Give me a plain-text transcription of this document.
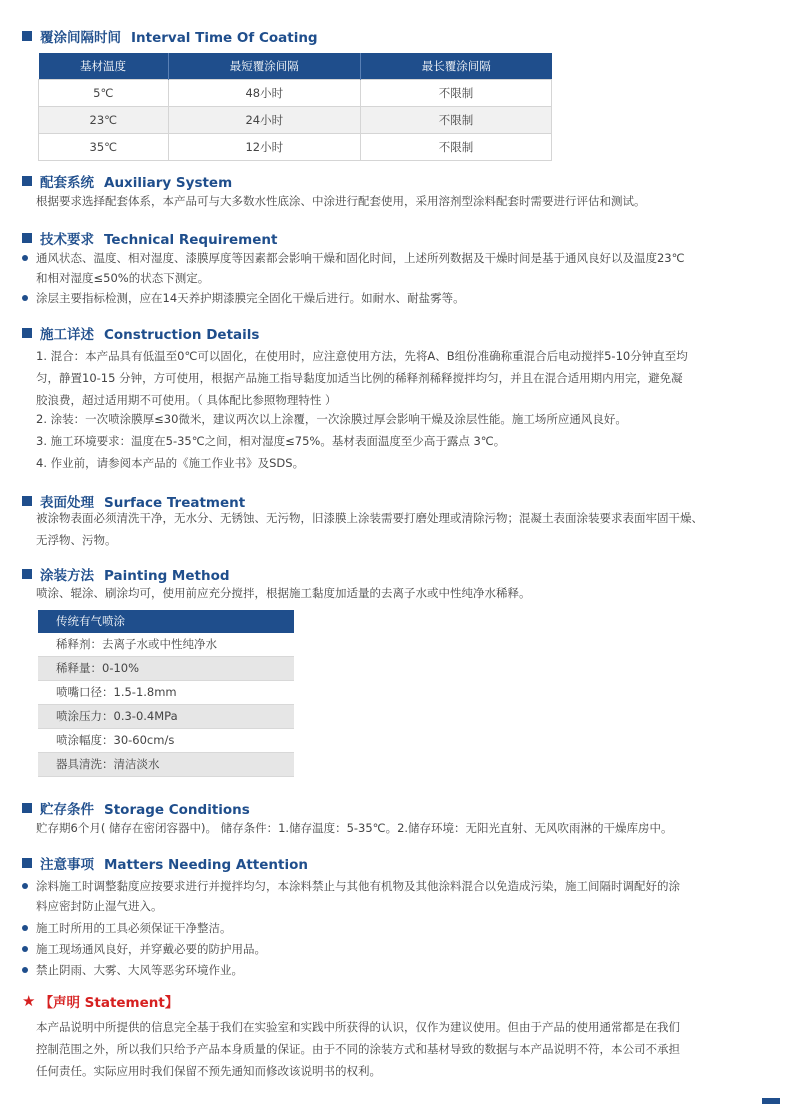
覆涂间隔时间 Interval Time Of Coating
基材温度	最短覆涂间隔	最长覆涂间隔
5℃	48小时	不限制
23℃	24小时	不限制
35℃	12小时	不限制
配套系统 Auxiliary System
根据要求选择配套体系，本产品可与大多数水性底涂、中涂进行配套使用，采用溶剂型涂料配套时需要进行评估和测试。
技术要求 Technical Requirement
通风状态、温度、相对湿度、漆膜厚度等因素都会影响干燥和固化时间，上述所列数据及干燥时间是基于通风良好以及温度23℃
和相对湿度≤50%的状态下测定。
涂层主要指标检测，应在14天养护期漆膜完全固化干燥后进行。如耐水、耐盐雾等。
施工详述 Construction Details
1. 混合：本产品具有低温至0℃可以固化，在使用时，应注意使用方法，先将A、B组份准确称重混合后电动搅拌5-10分钟直至均
匀，静置10-15 分钟，方可使用，根据产品施工指导黏度加适当比例的稀释剂稀释搅拌均匀，并且在混合适用期内用完，避免凝
胶浪费，超过适用期不可使用。（ 具体配比参照物理特性 ）
2. 涂装：一次喷涂膜厚≤30微米，建议两次以上涂覆，一次涂膜过厚会影响干燥及涂层性能。施工场所应通风良好。
3. 施工环境要求：温度在5-35℃之间，相对湿度≤75%。基材表面温度至少高于露点 3℃。
4. 作业前，请参阅本产品的《施工作业书》及SDS。
表面处理 Surface Treatment
被涂物表面必须清洗干净，无水分、无锈蚀、无污物，旧漆膜上涂装需要打磨处理或清除污物；混凝土表面涂装要求表面牢固干燥、
无浮物、污物。
涂装方法 Painting Method
喷涂、辊涂、刷涂均可，使用前应充分搅拌，根据施工黏度加适量的去离子水或中性纯净水稀释。
传统有气喷涂
稀释剂：去离子水或中性纯净水
稀释量：0-10%
喷嘴口径：1.5-1.8mm
喷涂压力：0.3-0.4MPa
喷涂幅度：30-60cm/s
器具清洗：清洁淡水
贮存条件 Storage Conditions
贮存期6个月( 储存在密闭容器中)。 储存条件：1.储存温度：5-35℃。2.储存环境：无阳光直射、无风吹雨淋的干燥库房中。
注意事项 Matters Needing Attention
涂料施工时调整黏度应按要求进行并搅拌均匀，本涂料禁止与其他有机物及其他涂料混合以免造成污染，施工间隔时调配好的涂
料应密封防止湿气进入。
施工时所用的工具必须保证干净整洁。
施工现场通风良好，并穿戴必要的防护用品。
禁止阴雨、大雾、大风等恶劣环境作业。
★ 【声明 Statement】
本产品说明中所提供的信息完全基于我们在实验室和实践中所获得的认识，仅作为建议使用。但由于产品的使用通常都是在我们
控制范围之外，所以我们只给予产品本身质量的保证。由于不同的涂装方式和基材导致的数据与本产品说明不符，本公司不承担
任何责任。实际应用时我们保留不预先通知而修改该说明书的权利。
